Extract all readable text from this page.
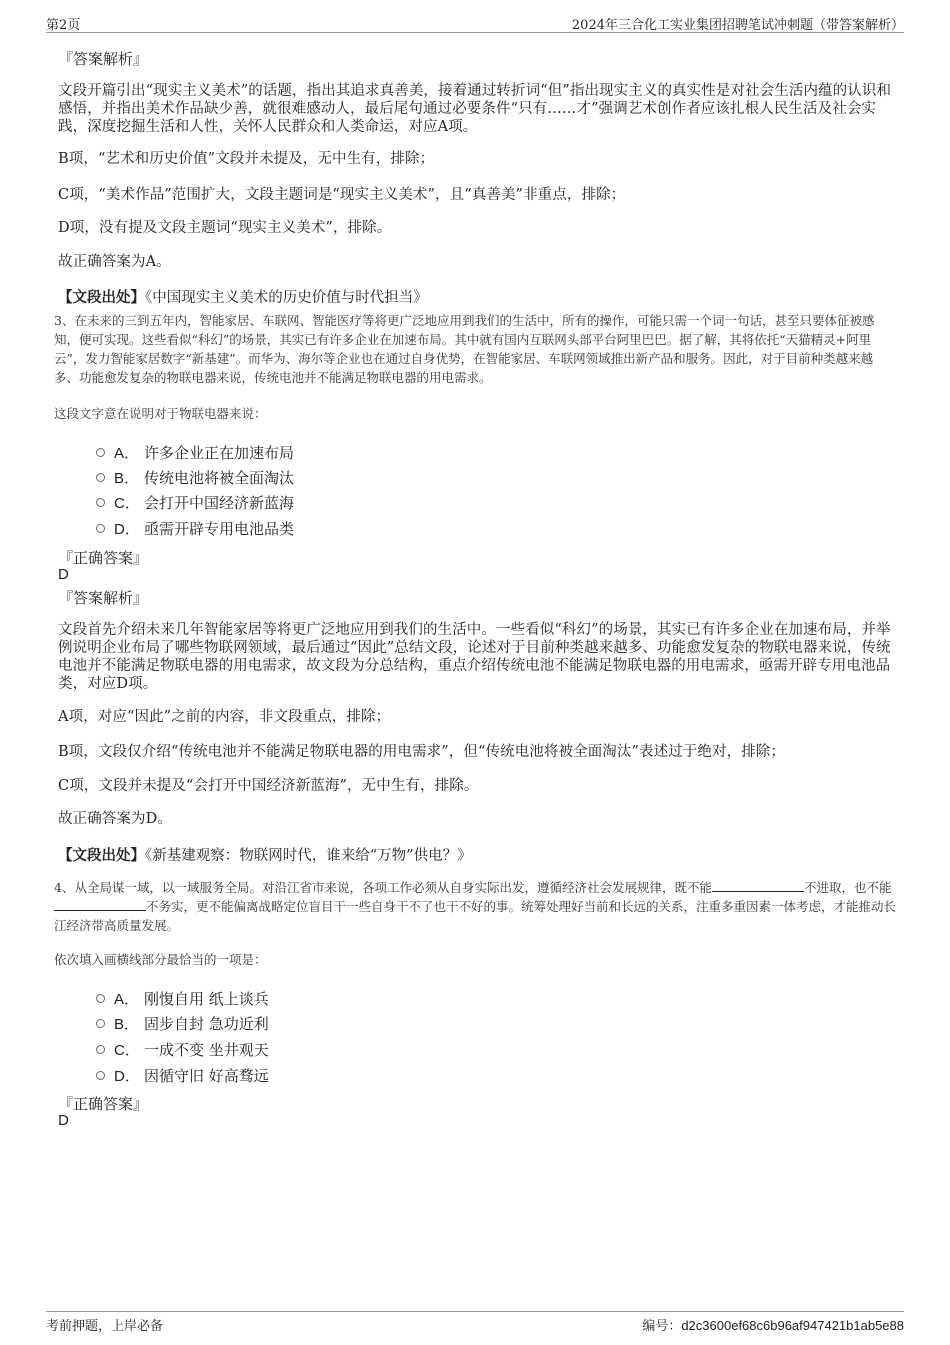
第2页	2024年三合化工实业集团招聘笔试冲刺题（带答案解析）
『答案解析』

文段开篇引出“现实主义美术”的话题，指出其追求真善美，接着通过转折词“但”指出现实主义的真实性是对社会生活内蕴的认识和感悟，并指出美术作品缺少善，就很难感动人，最后尾句通过必要条件“只有……才”强调艺术创作者应该扎根人民生活及社会实践，深度挖掘生活和人性，关怀人民群众和人类命运，对应A项。

B项，“艺术和历史价值”文段并未提及，无中生有，排除；

C项，“美术作品”范围扩大，文段主题词是“现实主义美术”，且“真善美”非重点，排除；

D项，没有提及文段主题词“现实主义美术”，排除。

故正确答案为A。

【文段出处】《中国现实主义美术的历史价值与时代担当》

3、在未来的三到五年内，智能家居、车联网、智能医疗等将更广泛地应用到我们的生活中，所有的操作，可能只需一个词一句话，甚至只要体征被感知，便可实现。这些看似“科幻”的场景，其实已有许多企业在加速布局。其中就有国内互联网头部平台阿里巴巴。据了解，其将依托“天猫精灵+阿里云”，发力智能家居数字“新基建”。而华为、海尔等企业也在通过自身优势，在智能家居、车联网领域推出新产品和服务。因此，对于目前种类越来越多、功能愈发复杂的物联电器来说，传统电池并不能满足物联电器的用电需求。

这段文字意在说明对于物联电器来说：

A． 许多企业正在加速布局
B． 传统电池将被全面淘汰
C． 会打开中国经济新蓝海
D． 亟需开辟专用电池品类
『正确答案』
D
『答案解析』

文段首先介绍未来几年智能家居等将更广泛地应用到我们的生活中。一些看似“科幻”的场景，其实已有许多企业在加速布局，并举例说明企业布局了哪些物联网领域，最后通过“因此”总结文段，论述对于目前种类越来越多、功能愈发复杂的物联电器来说，传统电池并不能满足物联电器的用电需求，故文段为分总结构，重点介绍传统电池不能满足物联电器的用电需求，亟需开辟专用电池品类，对应D项。

A项，对应“因此”之前的内容，非文段重点，排除；

B项，文段仅介绍“传统电池并不能满足物联电器的用电需求”，但“传统电池将被全面淘汰”表述过于绝对，排除；

C项，文段并未提及“会打开中国经济新蓝海”，无中生有，排除。

故正确答案为D。

【文段出处】《新基建观察：物联网时代，谁来给“万物”供电？》

4、从全局谋一域，以一域服务全局。对沿江省市来说，各项工作必须从自身实际出发，遵循经济社会发展规律，既不能	不进取，也不能不务实，更不能偏离战略定位盲目干一些自身干不了也干不好的事。统筹处理好当前和长远的关系，注重多重因素一体考虑，才能推动长江经济带高质量发展。

依次填入画横线部分最恰当的一项是：

A． 刚愎自用 纸上谈兵
B． 固步自封 急功近利
C． 一成不变 坐井观天
D． 因循守旧 好高骛远
『正确答案』
D
考前押题，上岸必备	编号：d2c3600ef68c6b96af947421b1ab5e88
